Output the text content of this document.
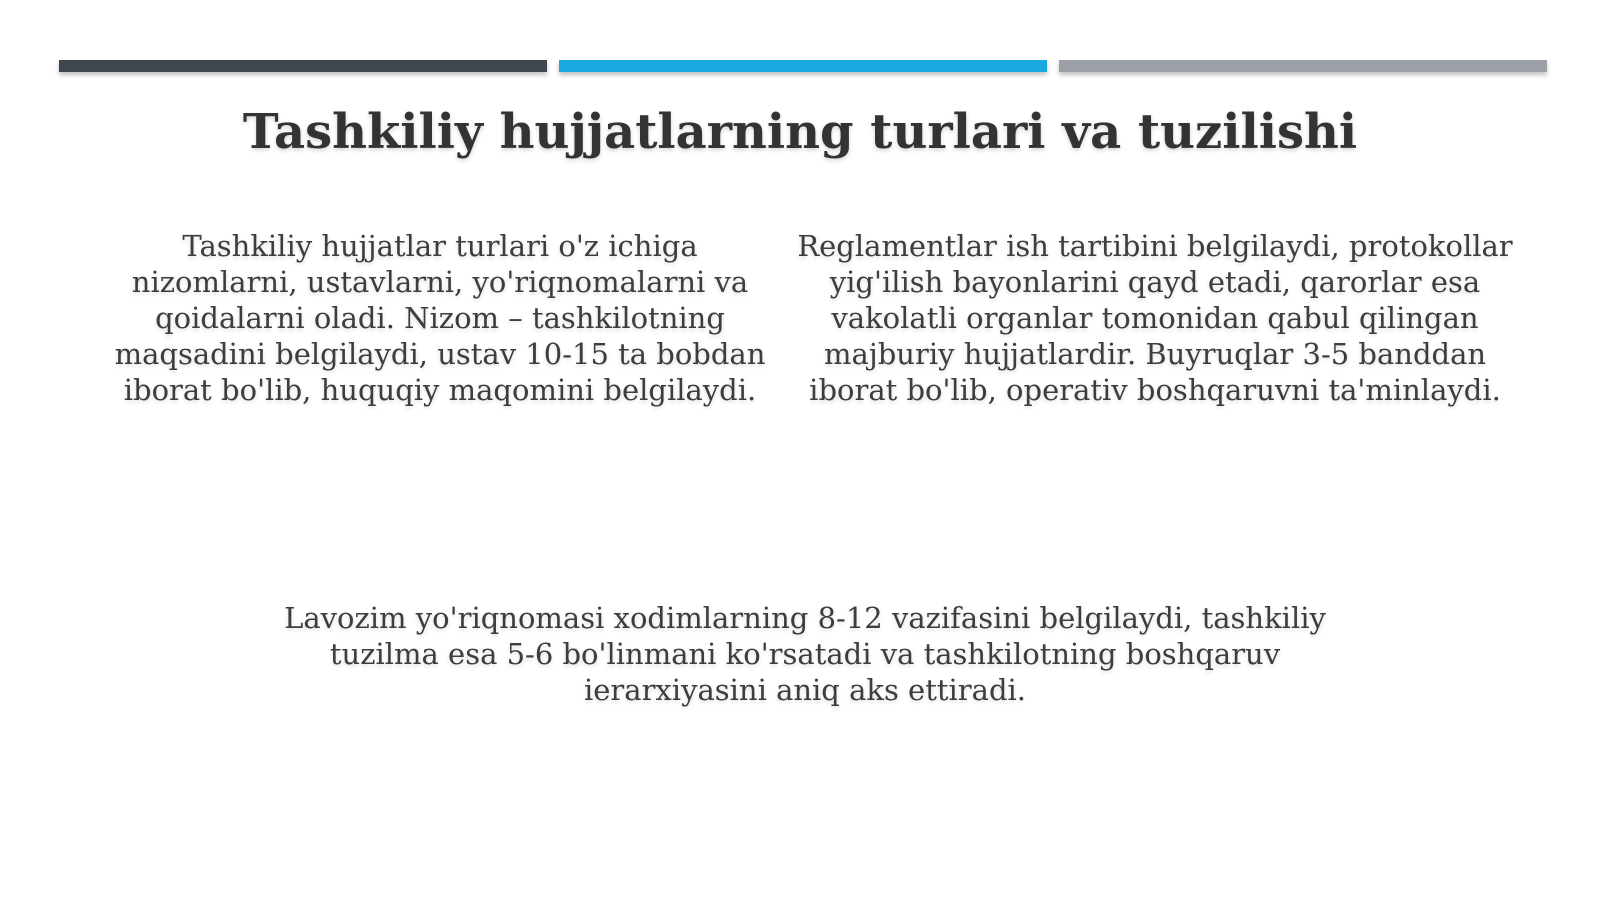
Tashkiliy hujjatlarning turlari va tuzilishi

Tashkiliy hujjatlar turlari o'z ichiga nizomlarni, ustavlarni, yo'riqnomalarni va qoidalarni oladi. Nizom – tashkilotning maqsadini belgilaydi, ustav 10-15 ta bobdan iborat bo'lib, huquqiy maqomini belgilaydi.

Reglamentlar ish tartibini belgilaydi, protokollar yig'ilish bayonlarini qayd etadi, qarorlar esa vakolatli organlar tomonidan qabul qilingan majburiy hujjatlardir. Buyruqlar 3-5 banddan iborat bo'lib, operativ boshqaruvni ta'minlaydi.

Lavozim yo'riqnomasi xodimlarning 8-12 vazifasini belgilaydi, tashkiliy tuzilma esa 5-6 bo'linmani ko'rsatadi va tashkilotning boshqaruv ierarxiyasini aniq aks ettiradi.
